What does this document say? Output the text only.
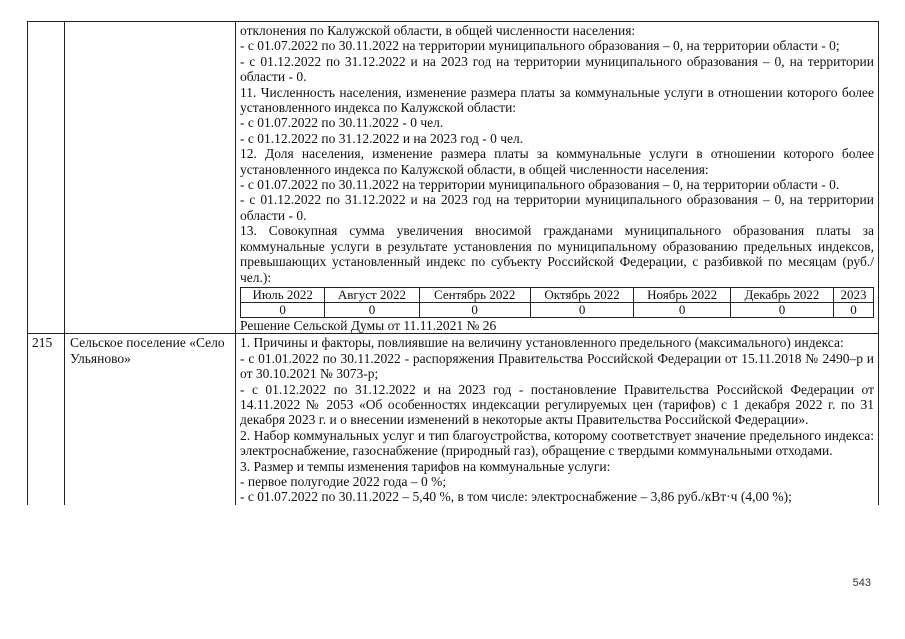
отклонения по Калужской области, в общей численности населения:

- с 01.07.2022 по 30.11.2022 на территории муниципального образования – 0, на территории области - 0;

- с 01.12.2022 по 31.12.2022 и на 2023 год на территории муниципального образования – 0, на территории области - 0.

11. Численность населения, изменение размера платы за коммунальные услуги в отношении которого более установленного индекса по Калужской области:

- с 01.07.2022 по 30.11.2022 - 0 чел.

- с 01.12.2022 по 31.12.2022 и на 2023 год - 0 чел.

12. Доля населения, изменение размера платы за коммунальные услуги в отношении которого более установленного индекса по Калужской области, в общей численности населения:

- с 01.07.2022 по 30.11.2022 на территории муниципального образования – 0, на территории области - 0.

- с 01.12.2022 по 31.12.2022 и на 2023 год на территории муниципального образования – 0, на территории области - 0.

13. Совокупная сумма увеличения вносимой гражданами муниципального образования платы за коммунальные услуги в результате установления по муниципальному образованию предельных индексов, превышающих установленный индекс по субъекту Российской Федерации, с разбивкой по месяцам (руб./чел.):

Июль 2022	Август 2022	Сентябрь 2022	Октябрь 2022	Ноябрь 2022	Декабрь 2022	2023
0	0	0	0	0	0	0

Решение Сельской Думы от 11.11.2021 № 26

215	Сельское поселение «Село Ульяново»

1. Причины и факторы, повлиявшие на величину установленного предельного (максимального) индекса:

- с 01.01.2022 по 30.11.2022 - распоряжения Правительства Российской Федерации от 15.11.2018 № 2490–р и от 30.10.2021 № 3073-р;

- с 01.12.2022 по 31.12.2022 и на 2023 год - постановление Правительства Российской Федерации от 14.11.2022 № 2053 «Об особенностях индексации регулируемых цен (тарифов) с 1 декабря 2022 г. по 31 декабря 2023 г. и о внесении изменений в некоторые акты Правительства Российской Федерации».

2. Набор коммунальных услуг и тип благоустройства, которому соответствует значение предельного индекса: электроснабжение, газоснабжение (природный газ), обращение с твердыми коммунальными отходами.

3. Размер и темпы изменения тарифов на коммунальные услуги:

- первое полугодие 2022 года – 0 %;

- с 01.07.2022 по 30.11.2022 – 5,40 %, в том числе: электроснабжение – 3,86 руб./кВт·ч (4,00 %);

543
